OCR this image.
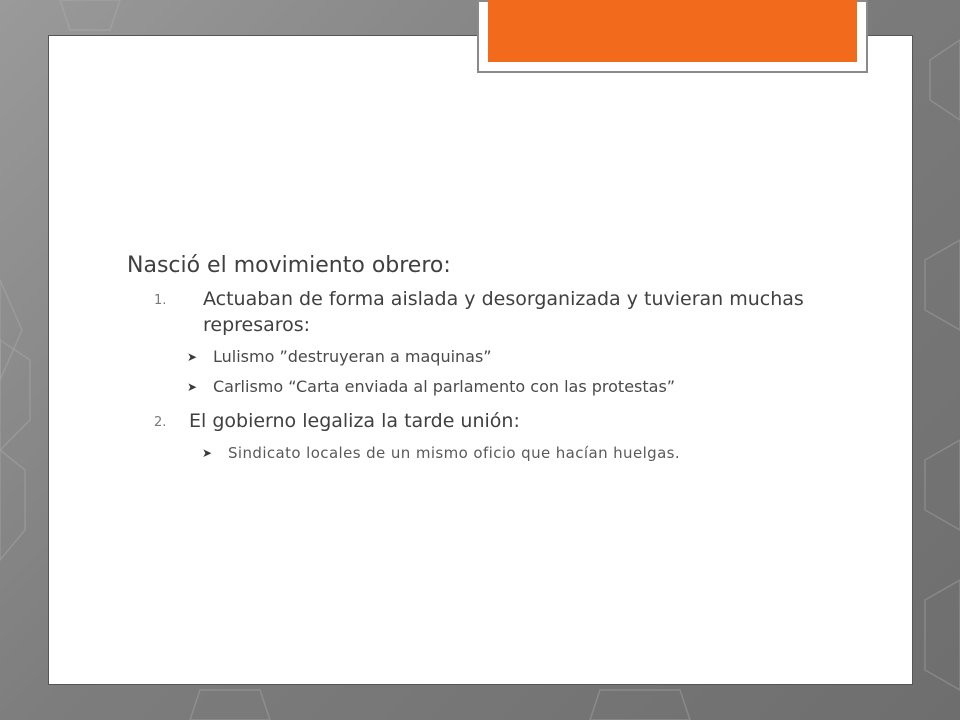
Nasció el movimiento obrero:
1. Actuaban de forma aislada y desorganizada y tuvieran muchas represaros:
➤ Lulismo ”destruyeran a maquinas”
➤ Carlismo “Carta enviada al parlamento con las protestas”
2. El gobierno legaliza la tarde unión:
➤ Sindicato locales de un mismo oficio que hacían huelgas.
